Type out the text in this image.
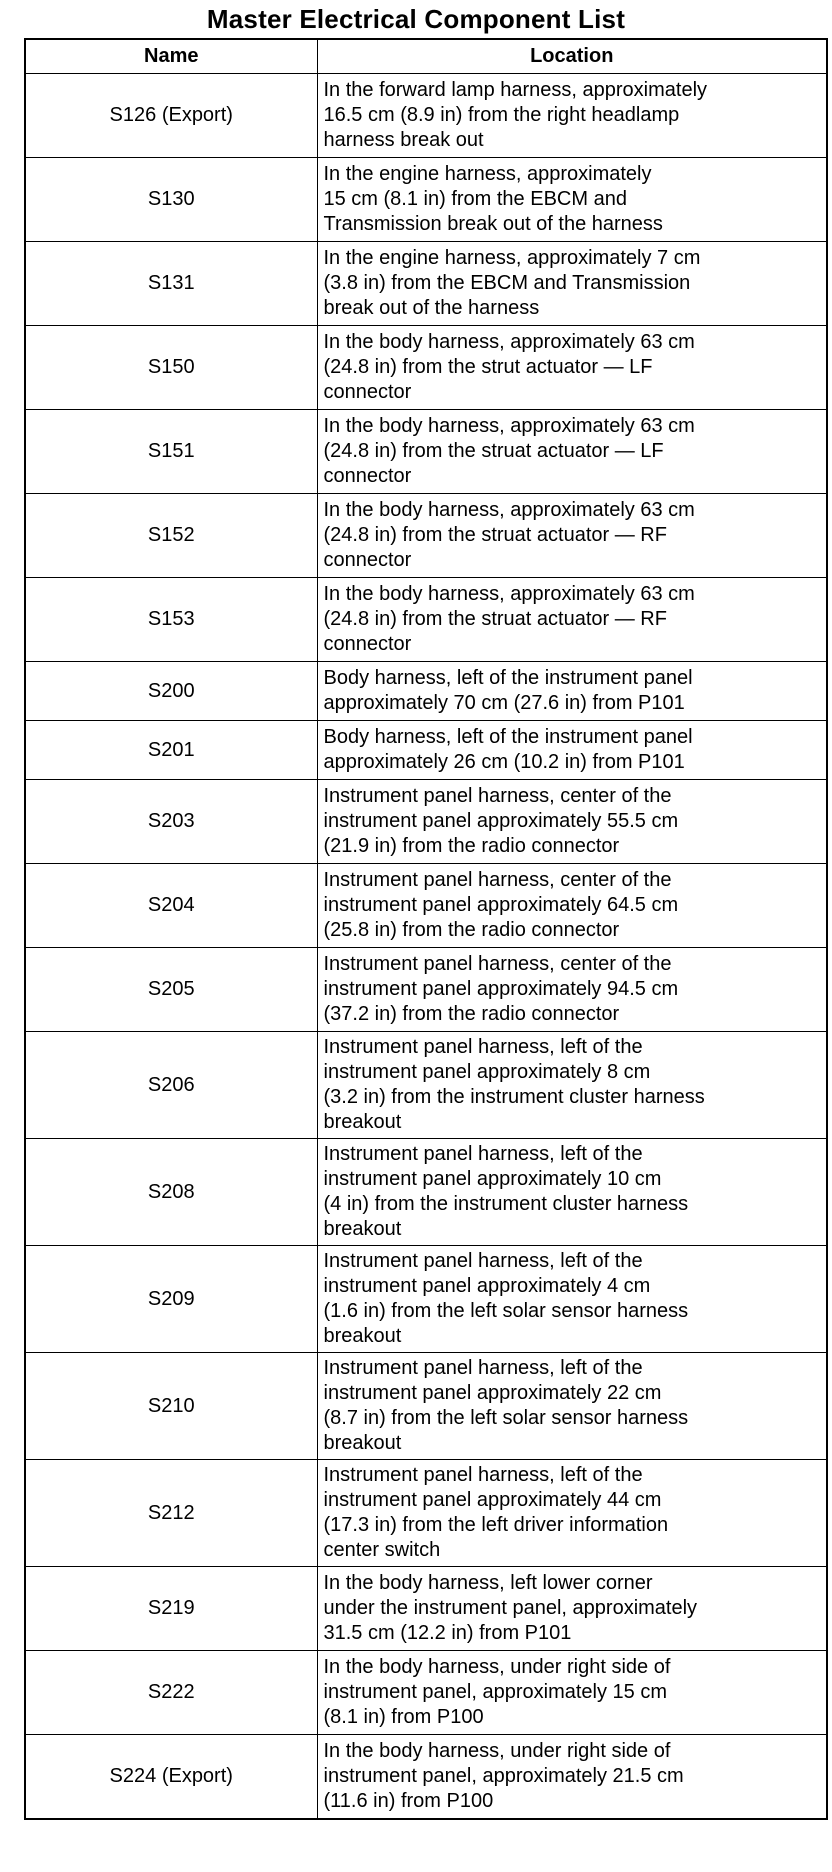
Master Electrical Component List
Name	Location
S126 (Export)	In the forward lamp harness, approximately
16.5 cm (8.9 in) from the right headlamp
harness break out
S130	In the engine harness, approximately
15 cm (8.1 in) from the EBCM and
Transmission break out of the harness
S131	In the engine harness, approximately 7 cm
(3.8 in) from the EBCM and Transmission
break out of the harness
S150	In the body harness, approximately 63 cm
(24.8 in) from the strut actuator — LF
connector
S151	In the body harness, approximately 63 cm
(24.8 in) from the struat actuator — LF
connector
S152	In the body harness, approximately 63 cm
(24.8 in) from the struat actuator — RF
connector
S153	In the body harness, approximately 63 cm
(24.8 in) from the struat actuator — RF
connector
S200	Body harness, left of the instrument panel
approximately 70 cm (27.6 in) from P101
S201	Body harness, left of the instrument panel
approximately 26 cm (10.2 in) from P101
S203	Instrument panel harness, center of the
instrument panel approximately 55.5 cm
(21.9 in) from the radio connector
S204	Instrument panel harness, center of the
instrument panel approximately 64.5 cm
(25.8 in) from the radio connector
S205	Instrument panel harness, center of the
instrument panel approximately 94.5 cm
(37.2 in) from the radio connector
S206	Instrument panel harness, left of the
instrument panel approximately 8 cm
(3.2 in) from the instrument cluster harness
breakout
S208	Instrument panel harness, left of the
instrument panel approximately 10 cm
(4 in) from the instrument cluster harness
breakout
S209	Instrument panel harness, left of the
instrument panel approximately 4 cm
(1.6 in) from the left solar sensor harness
breakout
S210	Instrument panel harness, left of the
instrument panel approximately 22 cm
(8.7 in) from the left solar sensor harness
breakout
S212	Instrument panel harness, left of the
instrument panel approximately 44 cm
(17.3 in) from the left driver information
center switch
S219	In the body harness, left lower corner
under the instrument panel, approximately
31.5 cm (12.2 in) from P101
S222	In the body harness, under right side of
instrument panel, approximately 15 cm
(8.1 in) from P100
S224 (Export)	In the body harness, under right side of
instrument panel, approximately 21.5 cm
(11.6 in) from P100
